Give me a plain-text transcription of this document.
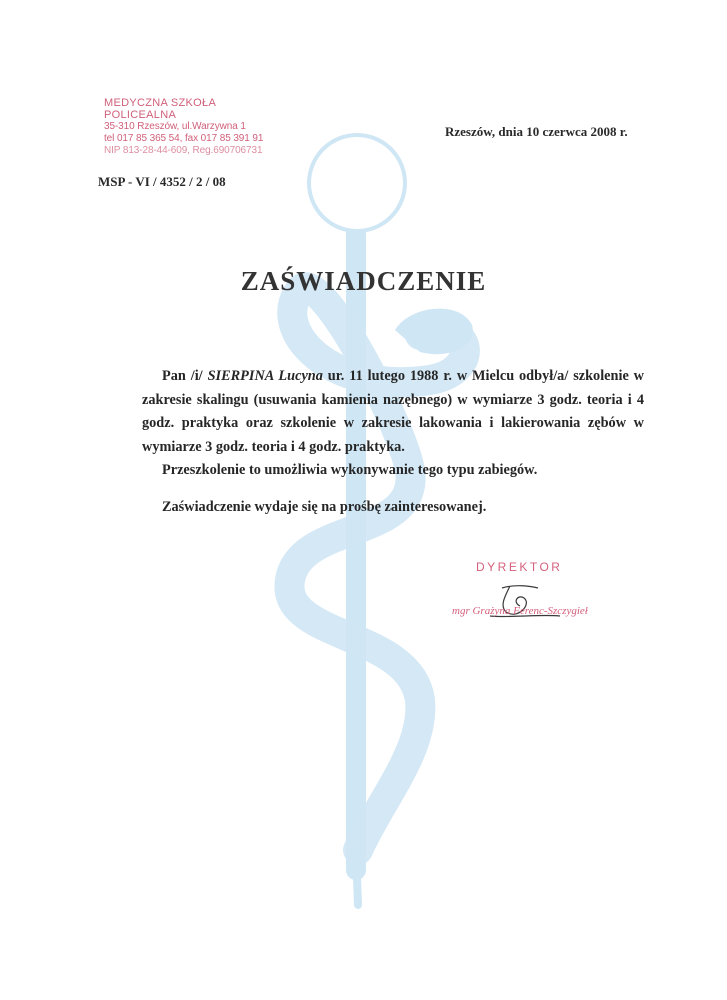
MEDYCZNA SZKOŁA POLICEALNA
35-310 Rzeszów, ul.Warzywna 1
tel 017 85 365 54, fax 017 85 391 91
NIP 813-28-44-609, Reg.690706731
Rzeszów, dnia 10 czerwca 2008 r.
MSP - VI / 4352 / 2 / 08
ZAŚWIADCZENIE

Pan /i/ SIERPINA Lucyna ur. 11 lutego 1988 r. w Mielcu odbył/a/ szkolenie w zakresie skalingu (usuwania kamienia nazębnego) w wymiarze 3 godz. teoria i 4 godz. praktyka oraz szkolenie w zakresie lakowania i lakierowania zębów w wymiarze 3 godz. teoria i 4 godz. praktyka.

Przeszkolenie to umożliwia wykonywanie tego typu zabiegów.

Zaświadczenie wydaje się na prośbę zainteresowanej.

DYREKTOR
mgr Grażyna Ferenc-Szczygieł
